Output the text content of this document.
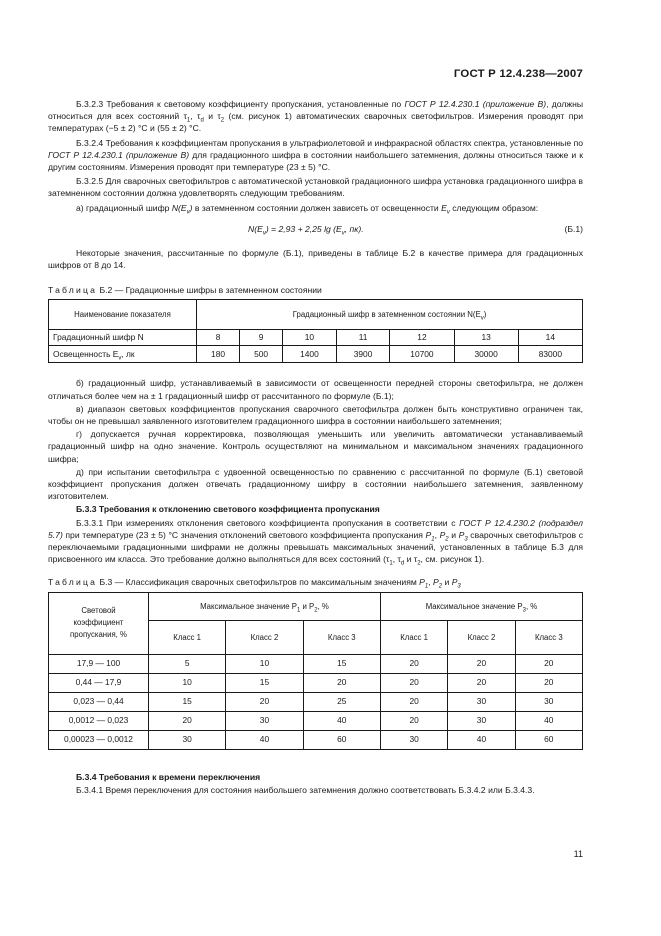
ГОСТ Р 12.4.238—2007

Б.3.2.3 Требования к световому коэффициенту пропускания, установленные по ГОСТ Р 12.4.230.1 (приложение В), должны относиться для всех состояний $\tau_1$, $\tau_d$ и $\tau_2$ (см. рисунок 1) автоматических сварочных светофильтров. Измерения проводят при температурах (−5 ± 2) °С и (55 ± 2) °С.

Б.3.2.4 Требования к коэффициентам пропускания в ультрафиолетовой и инфракрасной областях спектра, установленные по ГОСТ Р 12.4.230.1 (приложение В) для градационного шифра в состоянии наибольшего затемнения, должны относиться также и к другим состояниям. Измерения проводят при температуре (23 ± 5) °С.

Б.3.2.5 Для сварочных светофильтров с автоматической установкой градационного шифра установка градационного шифра в затемненном состоянии должна удовлетворять следующим требованиям.

а) градационный шифр $N(E_v)$ в затемненном состоянии должен зависеть от освещенности $E_v$ следующим образом:

$N(E_v) = 2,93 + 2,25$ $\lg (E_v$, пк).	(Б.1)

Некоторые значения, рассчитанные по формуле (Б.1), приведены в таблице Б.2 в качестве примера для градационных шифров от 8 до 14.

Таблица Б.2 — Градационные шифры в затемненном состоянии

Наименование показателя	Градационный шифр в затемненном состоянии $N(E_v)$						
Градационный шифр N	8	9	10	11	12	13	14
Освещенность $E_v$, лк	180	500	1400	3900	10700	30000	83000

б) градационный шифр, устанавливаемый в зависимости от освещенности передней стороны светофильтра, не должен отличаться более чем на ± 1 градационный шифр от рассчитанного по формуле (Б.1);

в) диапазон световых коэффициентов пропускания сварочного светофильтра должен быть конструктивно ограничен так, чтобы он не превышал заявленного изготовителем градационного шифра в состоянии наибольшего затемнения;

г) допускается ручная корректировка, позволяющая уменьшить или увеличить автоматически устанавливаемый градационный шифр на одно значение. Контроль осуществляют на минимальном и максимальном значениях градационного шифра;

д) при испытании светофильтра с удвоенной освещенностью по сравнению с рассчитанной по формуле (Б.1) световой коэффициент пропускания должен отвечать градационному шифру в состоянии наибольшего затемнения, заявленному изготовителем.

Б.3.3 Требования к отклонению светового коэффициента пропускания

Б.3.3.1 При измерениях отклонения светового коэффициента пропускания в соответствии с ГОСТ Р 12.4.230.2 (подраздел 5.7) при температуре (23 ± 5) °С значения отклонений светового коэффициента пропускания $P_1$, $P_2$ и $P_3$ сварочных светофильтров с переключаемыми градационными шифрами не должны превышать максимальных значений, установленных в таблице Б.3 для присвоенного им класса. Это требование должно выполняться для всех состояний ($\tau_1$, $\tau_d$ и $\tau_2$, см. рисунок 1).

Таблица Б.3 — Классификация сварочных светофильтров по максимальным значениям $P_1$, $P_2$ и $P_3$

Световой коэффициент пропускания, %	Максимальное значение $P_1$ и $P_2$, %			Максимальное значение $P_3$, %		
	Класс 1	Класс 2	Класс 3	Класс 1	Класс 2	Класс 3
17,9 — 100	5	10	15	20	20	20
0,44 — 17,9	10	15	20	20	20	20
0,023 — 0,44	15	20	25	20	30	30
0,0012 — 0,023	20	30	40	20	30	40
0,00023 — 0,0012	30	40	60	30	40	60

Б.3.4 Требования к времени переключения

Б.3.4.1 Время переключения для состояния наибольшего затемнения должно соответствовать Б.3.4.2 или Б.3.4.3.

11
